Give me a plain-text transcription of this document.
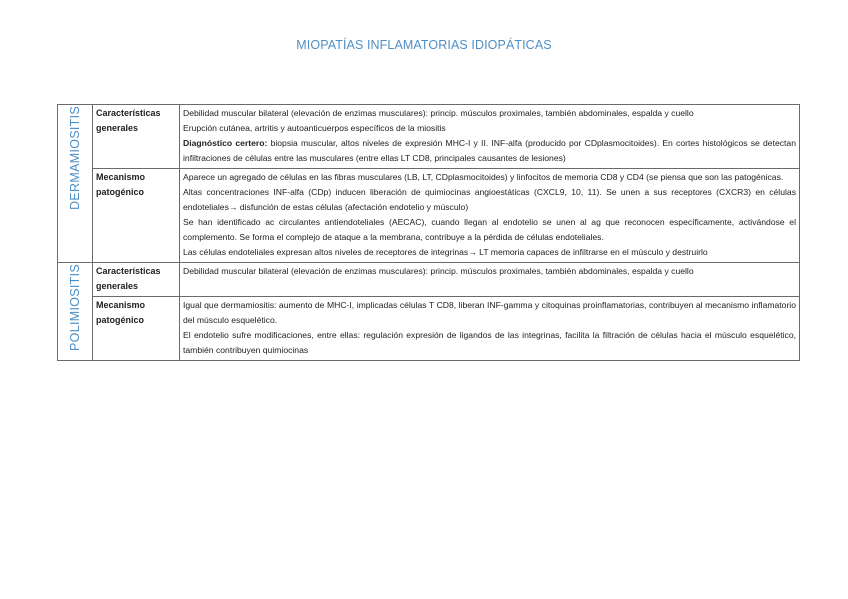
MIOPATÍAS INFLAMATORIAS IDIOPÁTICAS
DERMAMIOSITIS	Características generales	Debilidad muscular bilateral (elevación de enzimas musculares): princip. músculos proximales, también abdominales, espalda y cuello

Erupción cutánea, artritis y autoanticuerpos específicos de la miositis

Diagnóstico certero: biopsia muscular, altos niveles de expresión MHC-I y II. INF-alfa (producido por CDplasmocitoides). En cortes histológicos se detectan infiltraciones de células entre las musculares (entre ellas LT CD8, principales causantes de lesiones)

	Mecanismo patogénico	Aparece un agregado de células en las fibras musculares (LB, LT, CDplasmocitoides) y linfocitos de memoria CD8 y CD4 (se piensa que son las patogénicas.

Altas concentraciones INF-alfa (CDp) inducen liberación de quimiocinas angioestáticas (CXCL9, 10, 11). Se unen a sus receptores (CXCR3) en células endoteliales→ disfunción de estas células (afectación endotelio y músculo)

Se han identificado ac circulantes antiendoteliales (AECAC), cuando llegan al endotelio se unen al ag que reconocen específicamente, activándose el complemento. Se forma el complejo de ataque a la membrana, contribuye a la pérdida de células endoteliales.

Las células endoteliales expresan altos niveles de receptores de integrinas→ LT memoria capaces de infiltrarse en el músculo y destruirlo

POLIMIOSITIS	Características generales	Debilidad muscular bilateral (elevación de enzimas musculares): princip. músculos proximales, también abdominales, espalda y cuello

	Mecanismo patogénico	Igual que dermamiositis: aumento de MHC-I, implicadas células T CD8, liberan INF-gamma y citoquinas proinflamatorias, contribuyen al mecanismo inflamatorio del músculo esquelético.

El endotelio sufre modificaciones, entre ellas: regulación expresión de ligandos de las integrinas, facilita la filtración de células hacia el músculo esquelético, también contribuyen quimiocinas
